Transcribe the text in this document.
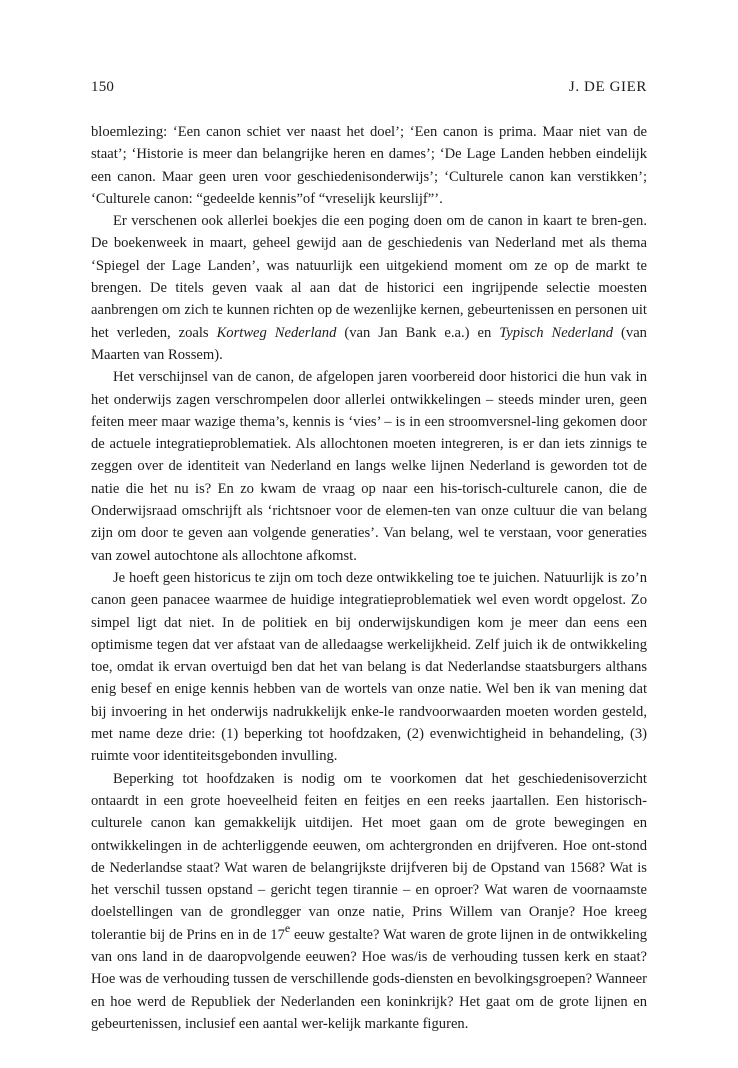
150	J. DE GIER

bloemlezing: ‘Een canon schiet ver naast het doel’; ‘Een canon is prima. Maar niet van de staat’; ‘Historie is meer dan belangrijke heren en dames’; ‘De Lage Landen hebben eindelijk een canon. Maar geen uren voor geschiedenisonderwijs’; ‘Culturele canon kan verstikken’; ‘Culturele canon: “gedeelde kennis”of “vreselijk keurslijf”’.

Er verschenen ook allerlei boekjes die een poging doen om de canon in kaart te bren-gen. De boekenweek in maart, geheel gewijd aan de geschiedenis van Nederland met als thema ‘Spiegel der Lage Landen’, was natuurlijk een uitgekiend moment om ze op de markt te brengen. De titels geven vaak al aan dat de historici een ingrijpende selectie moesten aanbrengen om zich te kunnen richten op de wezenlijke kernen, gebeurtenissen en personen uit het verleden, zoals Kortweg Nederland (van Jan Bank e.a.) en Typisch Nederland (van Maarten van Rossem).

Het verschijnsel van de canon, de afgelopen jaren voorbereid door historici die hun vak in het onderwijs zagen verschrompelen door allerlei ontwikkelingen – steeds minder uren, geen feiten meer maar wazige thema’s, kennis is ‘vies’ – is in een stroomversnel-ling gekomen door de actuele integratieproblematiek. Als allochtonen moeten integreren, is er dan iets zinnigs te zeggen over de identiteit van Nederland en langs welke lijnen Nederland is geworden tot de natie die het nu is? En zo kwam de vraag op naar een his-torisch-culturele canon, die de Onderwijsraad omschrijft als ‘richtsnoer voor de elemen-ten van onze cultuur die van belang zijn om door te geven aan volgende generaties’. Van belang, wel te verstaan, voor generaties van zowel autochtone als allochtone afkomst.

Je hoeft geen historicus te zijn om toch deze ontwikkeling toe te juichen. Natuurlijk is zo’n canon geen panacee waarmee de huidige integratieproblematiek wel even wordt opgelost. Zo simpel ligt dat niet. In de politiek en bij onderwijskundigen kom je meer dan eens een optimisme tegen dat ver afstaat van de alledaagse werkelijkheid. Zelf juich ik de ontwikkeling toe, omdat ik ervan overtuigd ben dat het van belang is dat Nederlandse staatsburgers althans enig besef en enige kennis hebben van de wortels van onze natie. Wel ben ik van mening dat bij invoering in het onderwijs nadrukkelijk enke-le randvoorwaarden moeten worden gesteld, met name deze drie: (1) beperking tot hoofdzaken, (2) evenwichtigheid in behandeling, (3) ruimte voor identiteitsgebonden invulling.

Beperking tot hoofdzaken is nodig om te voorkomen dat het geschiedenisoverzicht ontaardt in een grote hoeveelheid feiten en feitjes en een reeks jaartallen. Een historisch-culturele canon kan gemakkelijk uitdijen. Het moet gaan om de grote bewegingen en ontwikkelingen in de achterliggende eeuwen, om achtergronden en drijfveren. Hoe ont-stond de Nederlandse staat? Wat waren de belangrijkste drijfveren bij de Opstand van 1568? Wat is het verschil tussen opstand – gericht tegen tirannie – en oproer? Wat waren de voornaamste doelstellingen van de grondlegger van onze natie, Prins Willem van Oranje? Hoe kreeg tolerantie bij de Prins en in de 17e eeuw gestalte? Wat waren de grote lijnen in de ontwikkeling van ons land in de daaropvolgende eeuwen? Hoe was/is de verhouding tussen kerk en staat? Hoe was de verhouding tussen de verschillende gods-diensten en bevolkingsgroepen? Wanneer en hoe werd de Republiek der Nederlanden een koninkrijk? Het gaat om de grote lijnen en gebeurtenissen, inclusief een aantal wer-kelijk markante figuren.
